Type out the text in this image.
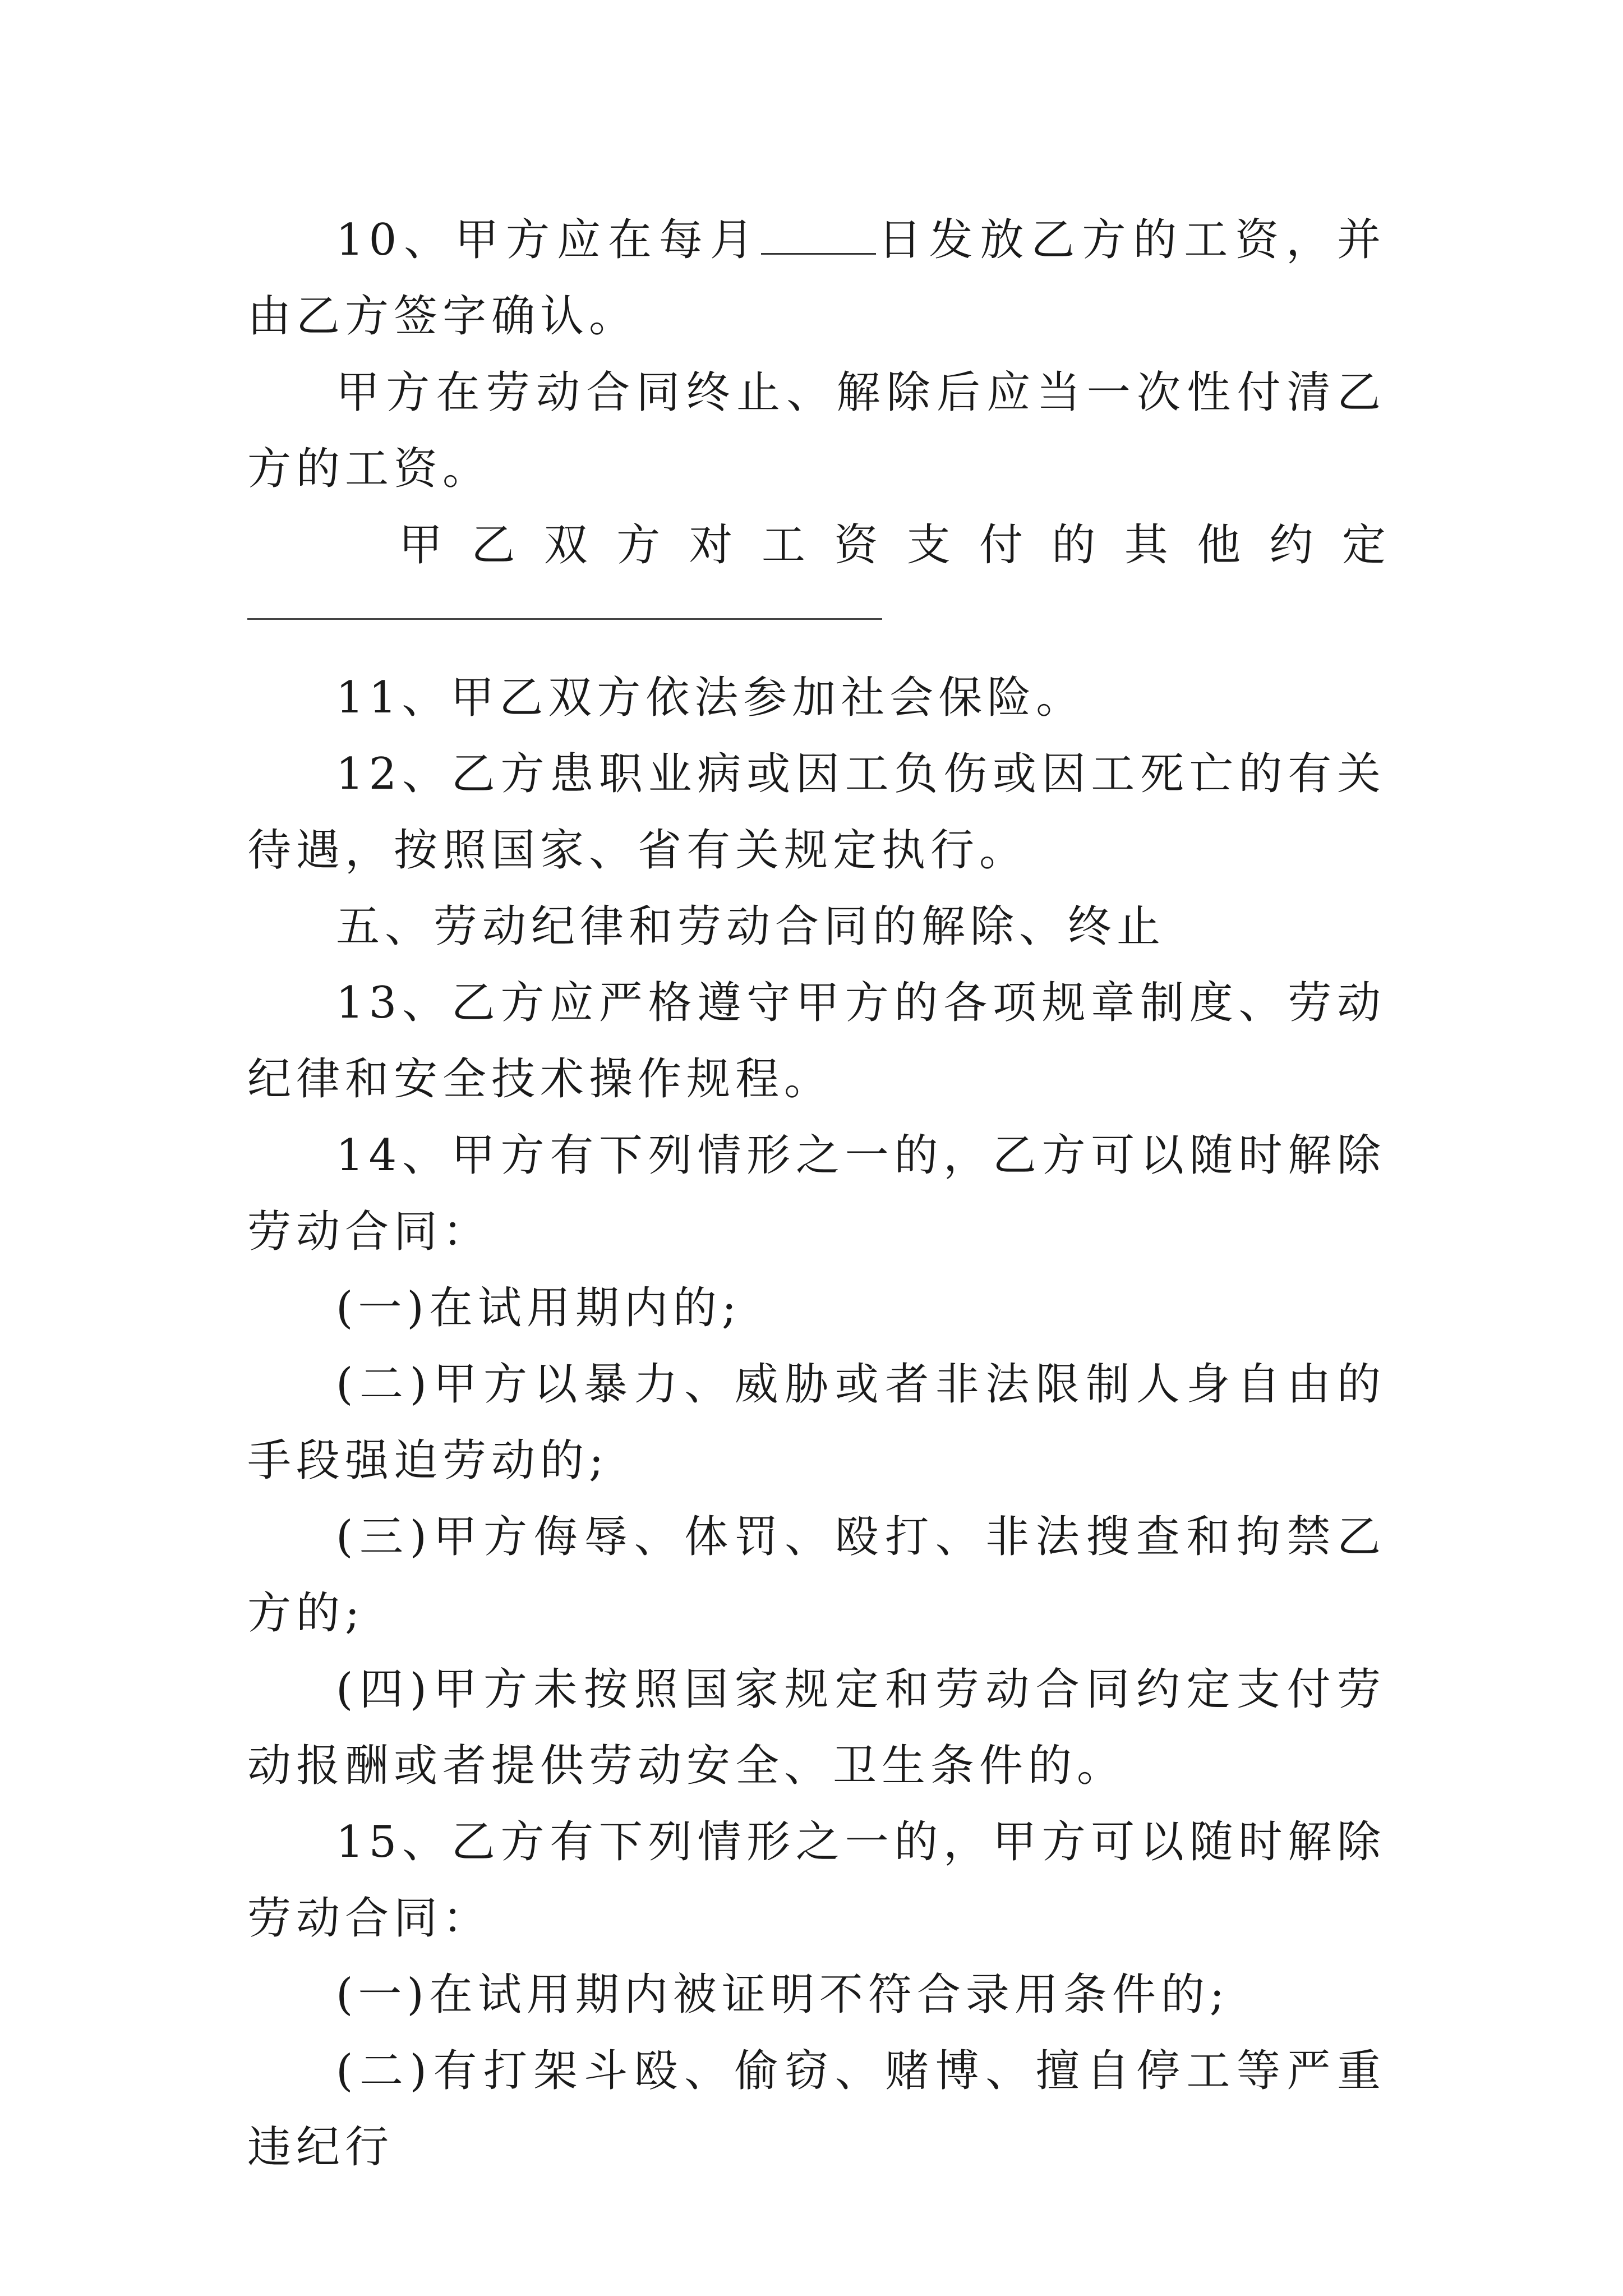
10、甲方应在每月	日发放乙方的工资，并由乙方签字确认。

甲方在劳动合同终止、解除后应当一次性付清乙方的工资。

甲 乙 双 方 对 工 资 支 付 的 其 他 约 定

11、甲乙双方依法参加社会保险。

12、乙方患职业病或因工负伤或因工死亡的有关待遇，按照国家、省有关规定执行。

五、劳动纪律和劳动合同的解除、终止

13、乙方应严格遵守甲方的各项规章制度、劳动纪律和安全技术操作规程。

14、甲方有下列情形之一的，乙方可以随时解除劳动合同：

(一)在试用期内的;

(二)甲方以暴力、威胁或者非法限制人身自由的手段强迫劳动的;

(三)甲方侮辱、体罚、殴打、非法搜查和拘禁乙方的;

(四)甲方未按照国家规定和劳动合同约定支付劳动报酬或者提供劳动安全、卫生条件的。

15、乙方有下列情形之一的，甲方可以随时解除劳动合同：

(一)在试用期内被证明不符合录用条件的;

(二)有打架斗殴、偷窃、赌博、擅自停工等严重违纪行
